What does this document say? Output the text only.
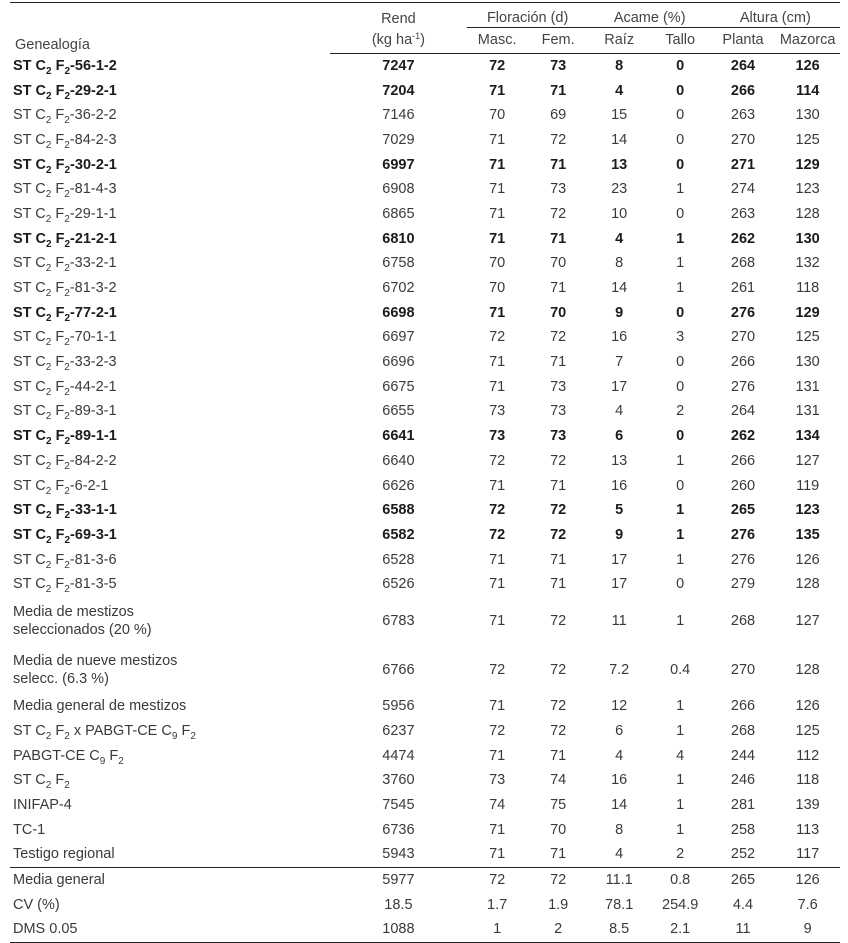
Genealogía	Rend	Floración (d)		Acame (%)		Altura (cm)	
	(kg $ha^{-1}$)	Masc.	Fem.	Raíz	Tallo	Planta	Mazorca
ST $C_2$ $F_2-56-1-2$	7247	72	73	8	0	264	126
ST $C_2$ $F_2-29-2-1$	7204	71	71	4	0	266	114
ST $C_2$ $F_2-36-2-2$	7146	70	69	15	0	263	130
ST $C_2$ $F_2-84-2-3$	7029	71	72	14	0	270	125
ST $C_2$ $F_2-30-2-1$	6997	71	71	13	0	271	129
ST $C_2$ $F_2-81-4-3$	6908	71	73	23	1	274	123
ST $C_2$ $F_2-29-1-1$	6865	71	72	10	0	263	128
ST $C_2$ $F_2-21-2-1$	6810	71	71	4	1	262	130
ST $C_2$ $F_2-33-2-1$	6758	70	70	8	1	268	132
ST $C_2$ $F_2-81-3-2$	6702	70	71	14	1	261	118
ST $C_2$ $F_2-77-2-1$	6698	71	70	9	0	276	129
ST $C_2$ $F_2-70-1-1$	6697	72	72	16	3	270	125
ST $C_2$ $F_2-33-2-3$	6696	71	71	7	0	266	130
ST $C_2$ $F_2-44-2-1$	6675	71	73	17	0	276	131
ST $C_2$ $F_2-89-3-1$	6655	73	73	4	2	264	131
ST $C_2$ $F_2-89-1-1$	6641	73	73	6	0	262	134
ST $C_2$ $F_2-84-2-2$	6640	72	72	13	1	266	127
ST $C_2$ $F_2-6-2-1$	6626	71	71	16	0	260	119
ST $C_2$ $F_2-33-1-1$	6588	72	72	5	1	265	123
ST $C_2$ $F_2-69-3-1$	6582	72	72	9	1	276	135
ST $C_2$ $F_2-81-3-6$	6528	71	71	17	1	276	126
ST $C_2$ $F_2-81-3-5$	6526	71	71	17	0	279	128
Media de mestizos
seleccionados (20 %)	6783	71	72	11	1	268	127
Media de nueve mestizos
selecc. (6.3 %)	6766	72	72	7.2	0.4	270	128
Media general de mestizos	5956	71	72	12	1	266	126
ST $C_2$ $F_2$ x PABGT-CE $C_9$ $F_2$	6237	72	72	6	1	268	125
PABGT-CE $C_9$ $F_2$	4474	71	71	4	4	244	112
ST $C_2$ $F_2$	3760	73	74	16	1	246	118
INIFAP-4	7545	74	75	14	1	281	139
TC-1	6736	71	70	8	1	258	113
Testigo regional	5943	71	71	4	2	252	117
Media general	5977	72	72	11.1	0.8	265	126
CV (%)	18.5	1.7	1.9	78.1	254.9	4.4	7.6
DMS 0.05	1088	1	2	8.5	2.1	11	9
